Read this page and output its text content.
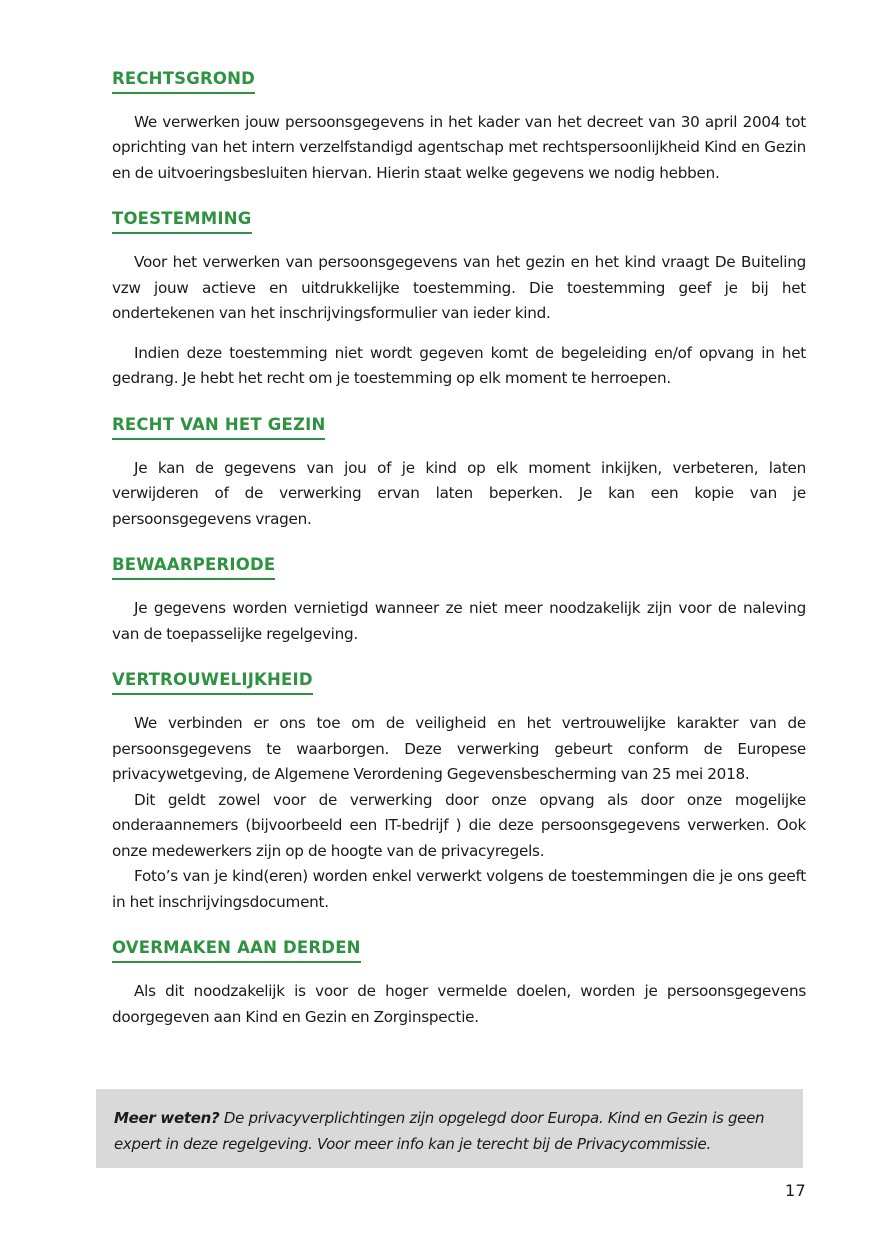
RECHTSGROND

We verwerken jouw persoonsgegevens in het kader van het decreet van 30 april 2004 tot oprichting van het intern verzelfstandigd agentschap met rechtspersoonlijkheid Kind en Gezin en de uitvoeringsbesluiten hiervan. Hierin staat welke gegevens we nodig hebben.

TOESTEMMING

Voor het verwerken van persoonsgegevens van het gezin en het kind vraagt De Buiteling vzw jouw actieve en uitdrukkelijke toestemming. Die toestemming geef je bij het ondertekenen van het inschrijvingsformulier van ieder kind.

Indien deze toestemming niet wordt gegeven komt de begeleiding en/of opvang in het gedrang. Je hebt het recht om je toestemming op elk moment te herroepen.

RECHT VAN HET GEZIN

Je kan de gegevens van jou of je kind op elk moment inkijken, verbeteren, laten verwijderen of de verwerking ervan laten beperken. Je kan een kopie van je persoonsgegevens vragen.

BEWAARPERIODE

Je gegevens worden vernietigd wanneer ze niet meer noodzakelijk zijn voor de naleving van de toepasselijke regelgeving.

VERTROUWELIJKHEID

We verbinden er ons toe om de veiligheid en het vertrouwelijke karakter van de persoonsgegevens te waarborgen. Deze verwerking gebeurt conform de Europese privacywetgeving, de Algemene Verordening Gegevensbescherming van 25 mei 2018.

Dit geldt zowel voor de verwerking door onze opvang als door onze mogelijke onderaannemers (bijvoorbeeld een IT-bedrijf ) die deze persoonsgegevens verwerken. Ook onze medewerkers zijn op de hoogte van de privacyregels.

Foto’s van je kind(eren) worden enkel verwerkt volgens de toestemmingen die je ons geeft in het inschrijvingsdocument.

OVERMAKEN AAN DERDEN

Als dit noodzakelijk is voor de hoger vermelde doelen, worden je persoonsgegevens doorgegeven aan Kind en Gezin en Zorginspectie.

Meer weten? De privacyverplichtingen zijn opgelegd door Europa. Kind en Gezin is geen expert in deze regelgeving. Voor meer info kan je terecht bij de Privacycommissie.

17
